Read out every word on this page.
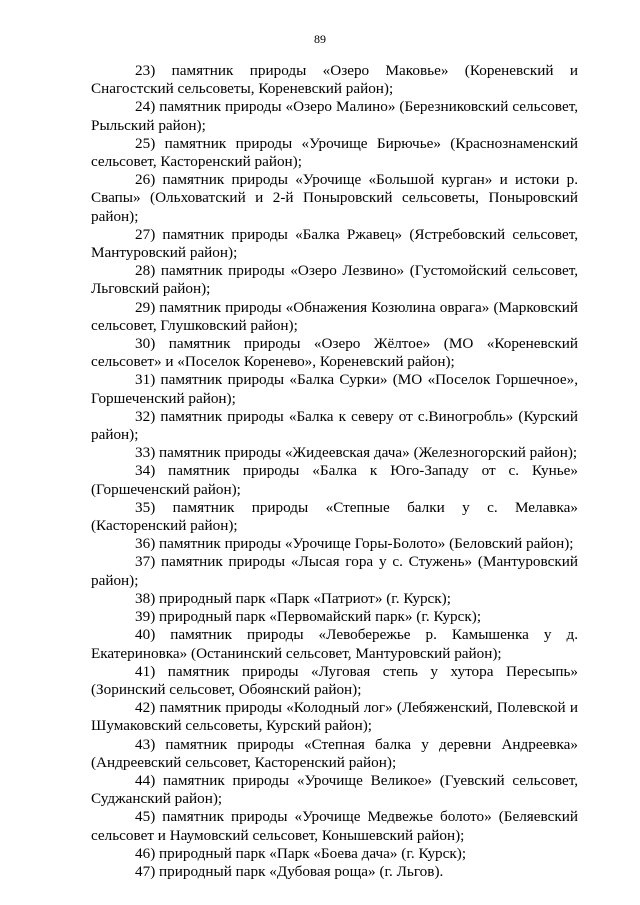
89

23) памятник природы «Озеро Маковье» (Кореневский и Снагостский сельсоветы, Кореневский район);

24) памятник природы «Озеро Малино» (Березниковский сельсовет, Рыльский район);

25) памятник природы «Урочище Бирючье» (Краснознаменский сельсовет, Касторенский район);

26) памятник природы «Урочище «Большой курган» и истоки р. Свапы» (Ольховатский и 2-й Поныровский сельсоветы, Поныровский район);

27) памятник природы «Балка Ржавец» (Ястребовский сельсовет, Мантуровский район);

28) памятник природы «Озеро Лезвино» (Густомойский сельсовет, Льговский район);

29) памятник природы «Обнажения Козюлина оврага» (Марковский сельсовет, Глушковский район);

30) памятник природы «Озеро Жёлтое» (МО «Кореневский сельсовет» и «Поселок Коренево», Кореневский район);

31) памятник природы «Балка Сурки» (МО «Поселок Горшечное», Горшеченский район);

32) памятник природы «Балка к северу от с.Виногробль» (Курский район);

33) памятник природы «Жидеевская дача» (Железногорский район);

34) памятник природы «Балка к Юго-Западу от с. Кунье» (Горшеченский район);

35) памятник природы «Степные балки у с. Мелавка» (Касторенский район);

36) памятник природы «Урочище Горы-Болото» (Беловский район);

37) памятник природы «Лысая гора у с. Стужень» (Мантуровский район);

38) природный парк «Парк «Патриот» (г. Курск);

39) природный парк «Первомайский парк» (г. Курск);

40) памятник природы «Левобережье р. Камышенка у д. Екатериновка» (Останинский сельсовет, Мантуровский район);

41) памятник природы «Луговая степь у хутора Пересыпь» (Зоринский сельсовет, Обоянский район);

42) памятник природы «Колодный лог» (Лебяженский, Полевской и Шумаковский сельсоветы, Курский район);

43) памятник природы «Степная балка у деревни Андреевка» (Андреевский сельсовет, Касторенский район);

44) памятник природы «Урочище Великое» (Гуевский сельсовет, Суджанский район);

45) памятник природы «Урочище Медвежье болото» (Беляевский сельсовет и Наумовский сельсовет, Конышевский район);

46) природный парк «Парк «Боева дача» (г. Курск);

47) природный парк «Дубовая роща» (г. Льгов).
